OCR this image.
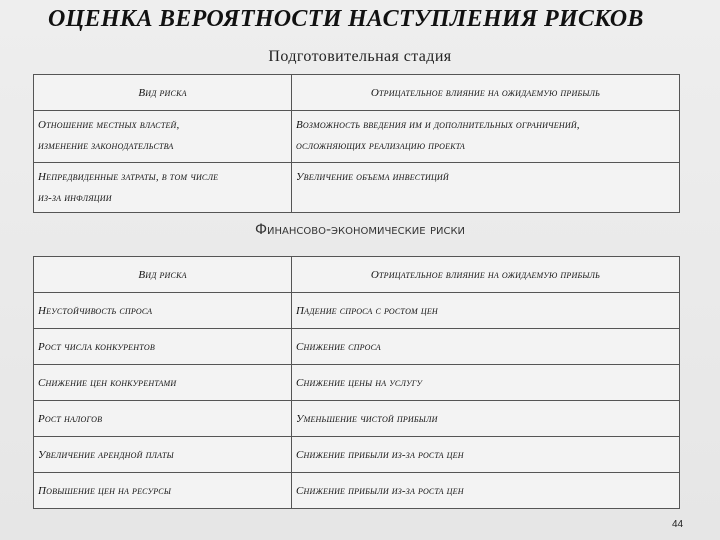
ОЦЕНКА ВЕРОЯТНОСТИ НАСТУПЛЕНИЯ РИСКОВ
Подготовительная стадия
Вид риска	Отрицательное влияние на ожидаемую прибыль

Отношение местных властей,
изменение законодательства	Возможность введения им и дополнительных ограничений,
осложняющих реализацию проекта

Непредвиденные затраты, в том числе
из-за инфляции	Увеличение объема инвестиций
Финансово-экономические риски
Вид риска	Отрицательное влияние на ожидаемую прибыль
Неустойчивость спроса	Падение спроса с ростом цен
Рост числа конкурентов	Снижение спроса
Снижение цен конкурентами	Снижение цены на услугу
Рост налогов	Уменьшение чистой прибыли
Увеличение арендной платы	Снижение прибыли из-за роста цен
Повышение цен на ресурсы	Снижение прибыли из-за роста цен
44
